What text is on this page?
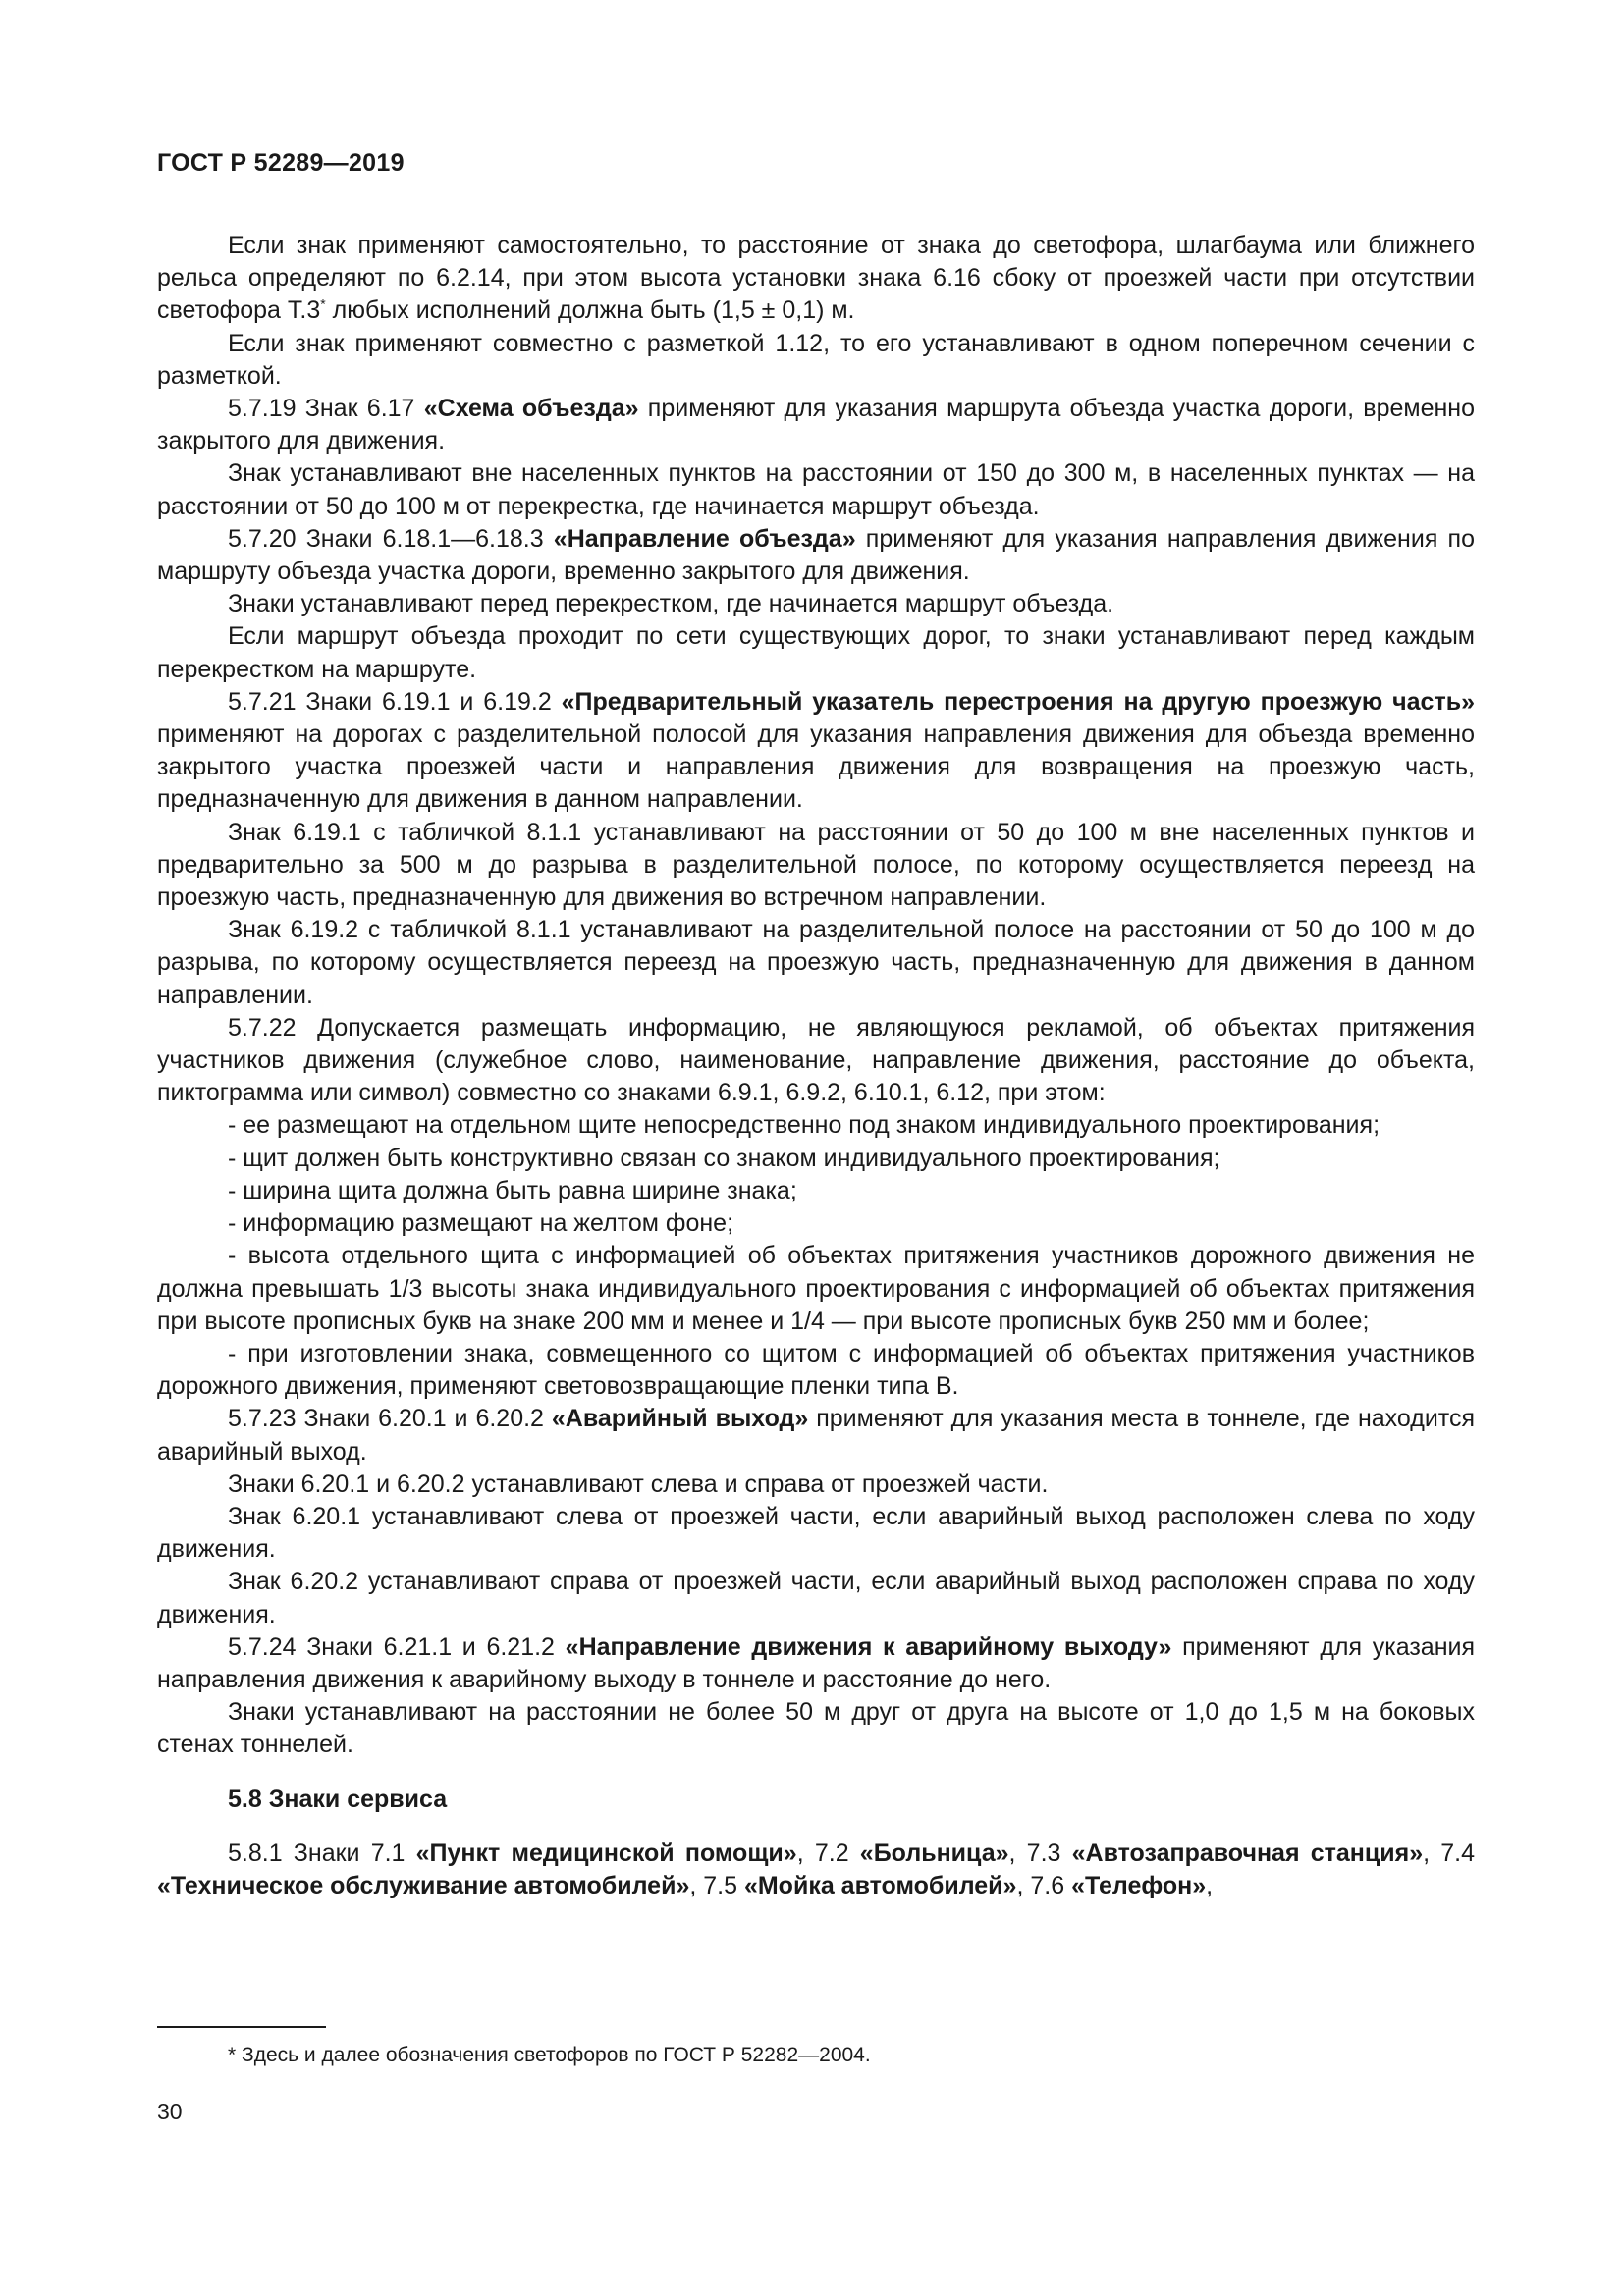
ГОСТ Р 52289—2019

Если знак применяют самостоятельно, то расстояние от знака до светофора, шлагбаума или ближнего рельса определяют по 6.2.14, при этом высота установки знака 6.16 сбоку от проезжей части при отсутствии светофора Т.3* любых исполнений должна быть (1,5 ± 0,1) м.

Если знак применяют совместно с разметкой 1.12, то его устанавливают в одном поперечном сечении с разметкой.

5.7.19 Знак 6.17 «Схема объезда» применяют для указания маршрута объезда участка дороги, временно закрытого для движения.

Знак устанавливают вне населенных пунктов на расстоянии от 150 до 300 м, в населенных пунктах — на расстоянии от 50 до 100 м от перекрестка, где начинается маршрут объезда.

5.7.20 Знаки 6.18.1—6.18.3 «Направление объезда» применяют для указания направления движения по маршруту объезда участка дороги, временно закрытого для движения.

Знаки устанавливают перед перекрестком, где начинается маршрут объезда.

Если маршрут объезда проходит по сети существующих дорог, то знаки устанавливают перед каждым перекрестком на маршруте.

5.7.21 Знаки 6.19.1 и 6.19.2 «Предварительный указатель перестроения на другую проезжую часть» применяют на дорогах с разделительной полосой для указания направления движения для объезда временно закрытого участка проезжей части и направления движения для возвращения на проезжую часть, предназначенную для движения в данном направлении.

Знак 6.19.1 с табличкой 8.1.1 устанавливают на расстоянии от 50 до 100 м вне населенных пунктов и предварительно за 500 м до разрыва в разделительной полосе, по которому осуществляется переезд на проезжую часть, предназначенную для движения во встречном направлении.

Знак 6.19.2 с табличкой 8.1.1 устанавливают на разделительной полосе на расстоянии от 50 до 100 м до разрыва, по которому осуществляется переезд на проезжую часть, предназначенную для движения в данном направлении.

5.7.22 Допускается размещать информацию, не являющуюся рекламой, об объектах притяжения участников движения (служебное слово, наименование, направление движения, расстояние до объекта, пиктограмма или символ) совместно со знаками 6.9.1, 6.9.2, 6.10.1, 6.12, при этом:

- ее размещают на отдельном щите непосредственно под знаком индивидуального проектирования;

- щит должен быть конструктивно связан со знаком индивидуального проектирования;

- ширина щита должна быть равна ширине знака;

- информацию размещают на желтом фоне;

- высота отдельного щита с информацией об объектах притяжения участников дорожного движения не должна превышать 1/3 высоты знака индивидуального проектирования с информацией об объектах притяжения при высоте прописных букв на знаке 200 мм и менее и 1/4 — при высоте прописных букв 250 мм и более;

- при изготовлении знака, совмещенного со щитом с информацией об объектах притяжения участников дорожного движения, применяют световозвращающие пленки типа В.

5.7.23 Знаки 6.20.1 и 6.20.2 «Аварийный выход» применяют для указания места в тоннеле, где находится аварийный выход.

Знаки 6.20.1 и 6.20.2 устанавливают слева и справа от проезжей части.

Знак 6.20.1 устанавливают слева от проезжей части, если аварийный выход расположен слева по ходу движения.

Знак 6.20.2 устанавливают справа от проезжей части, если аварийный выход расположен справа по ходу движения.

5.7.24 Знаки 6.21.1 и 6.21.2 «Направление движения к аварийному выходу» применяют для указания направления движения к аварийному выходу в тоннеле и расстояние до него.

Знаки устанавливают на расстоянии не более 50 м друг от друга на высоте от 1,0 до 1,5 м на боковых стенах тоннелей.

5.8 Знаки сервиса

5.8.1 Знаки 7.1 «Пункт медицинской помощи», 7.2 «Больница», 7.3 «Автозаправочная станция», 7.4 «Техническое обслуживание автомобилей», 7.5 «Мойка автомобилей», 7.6 «Телефон»,

* Здесь и далее обозначения светофоров по ГОСТ Р 52282—2004.
30
